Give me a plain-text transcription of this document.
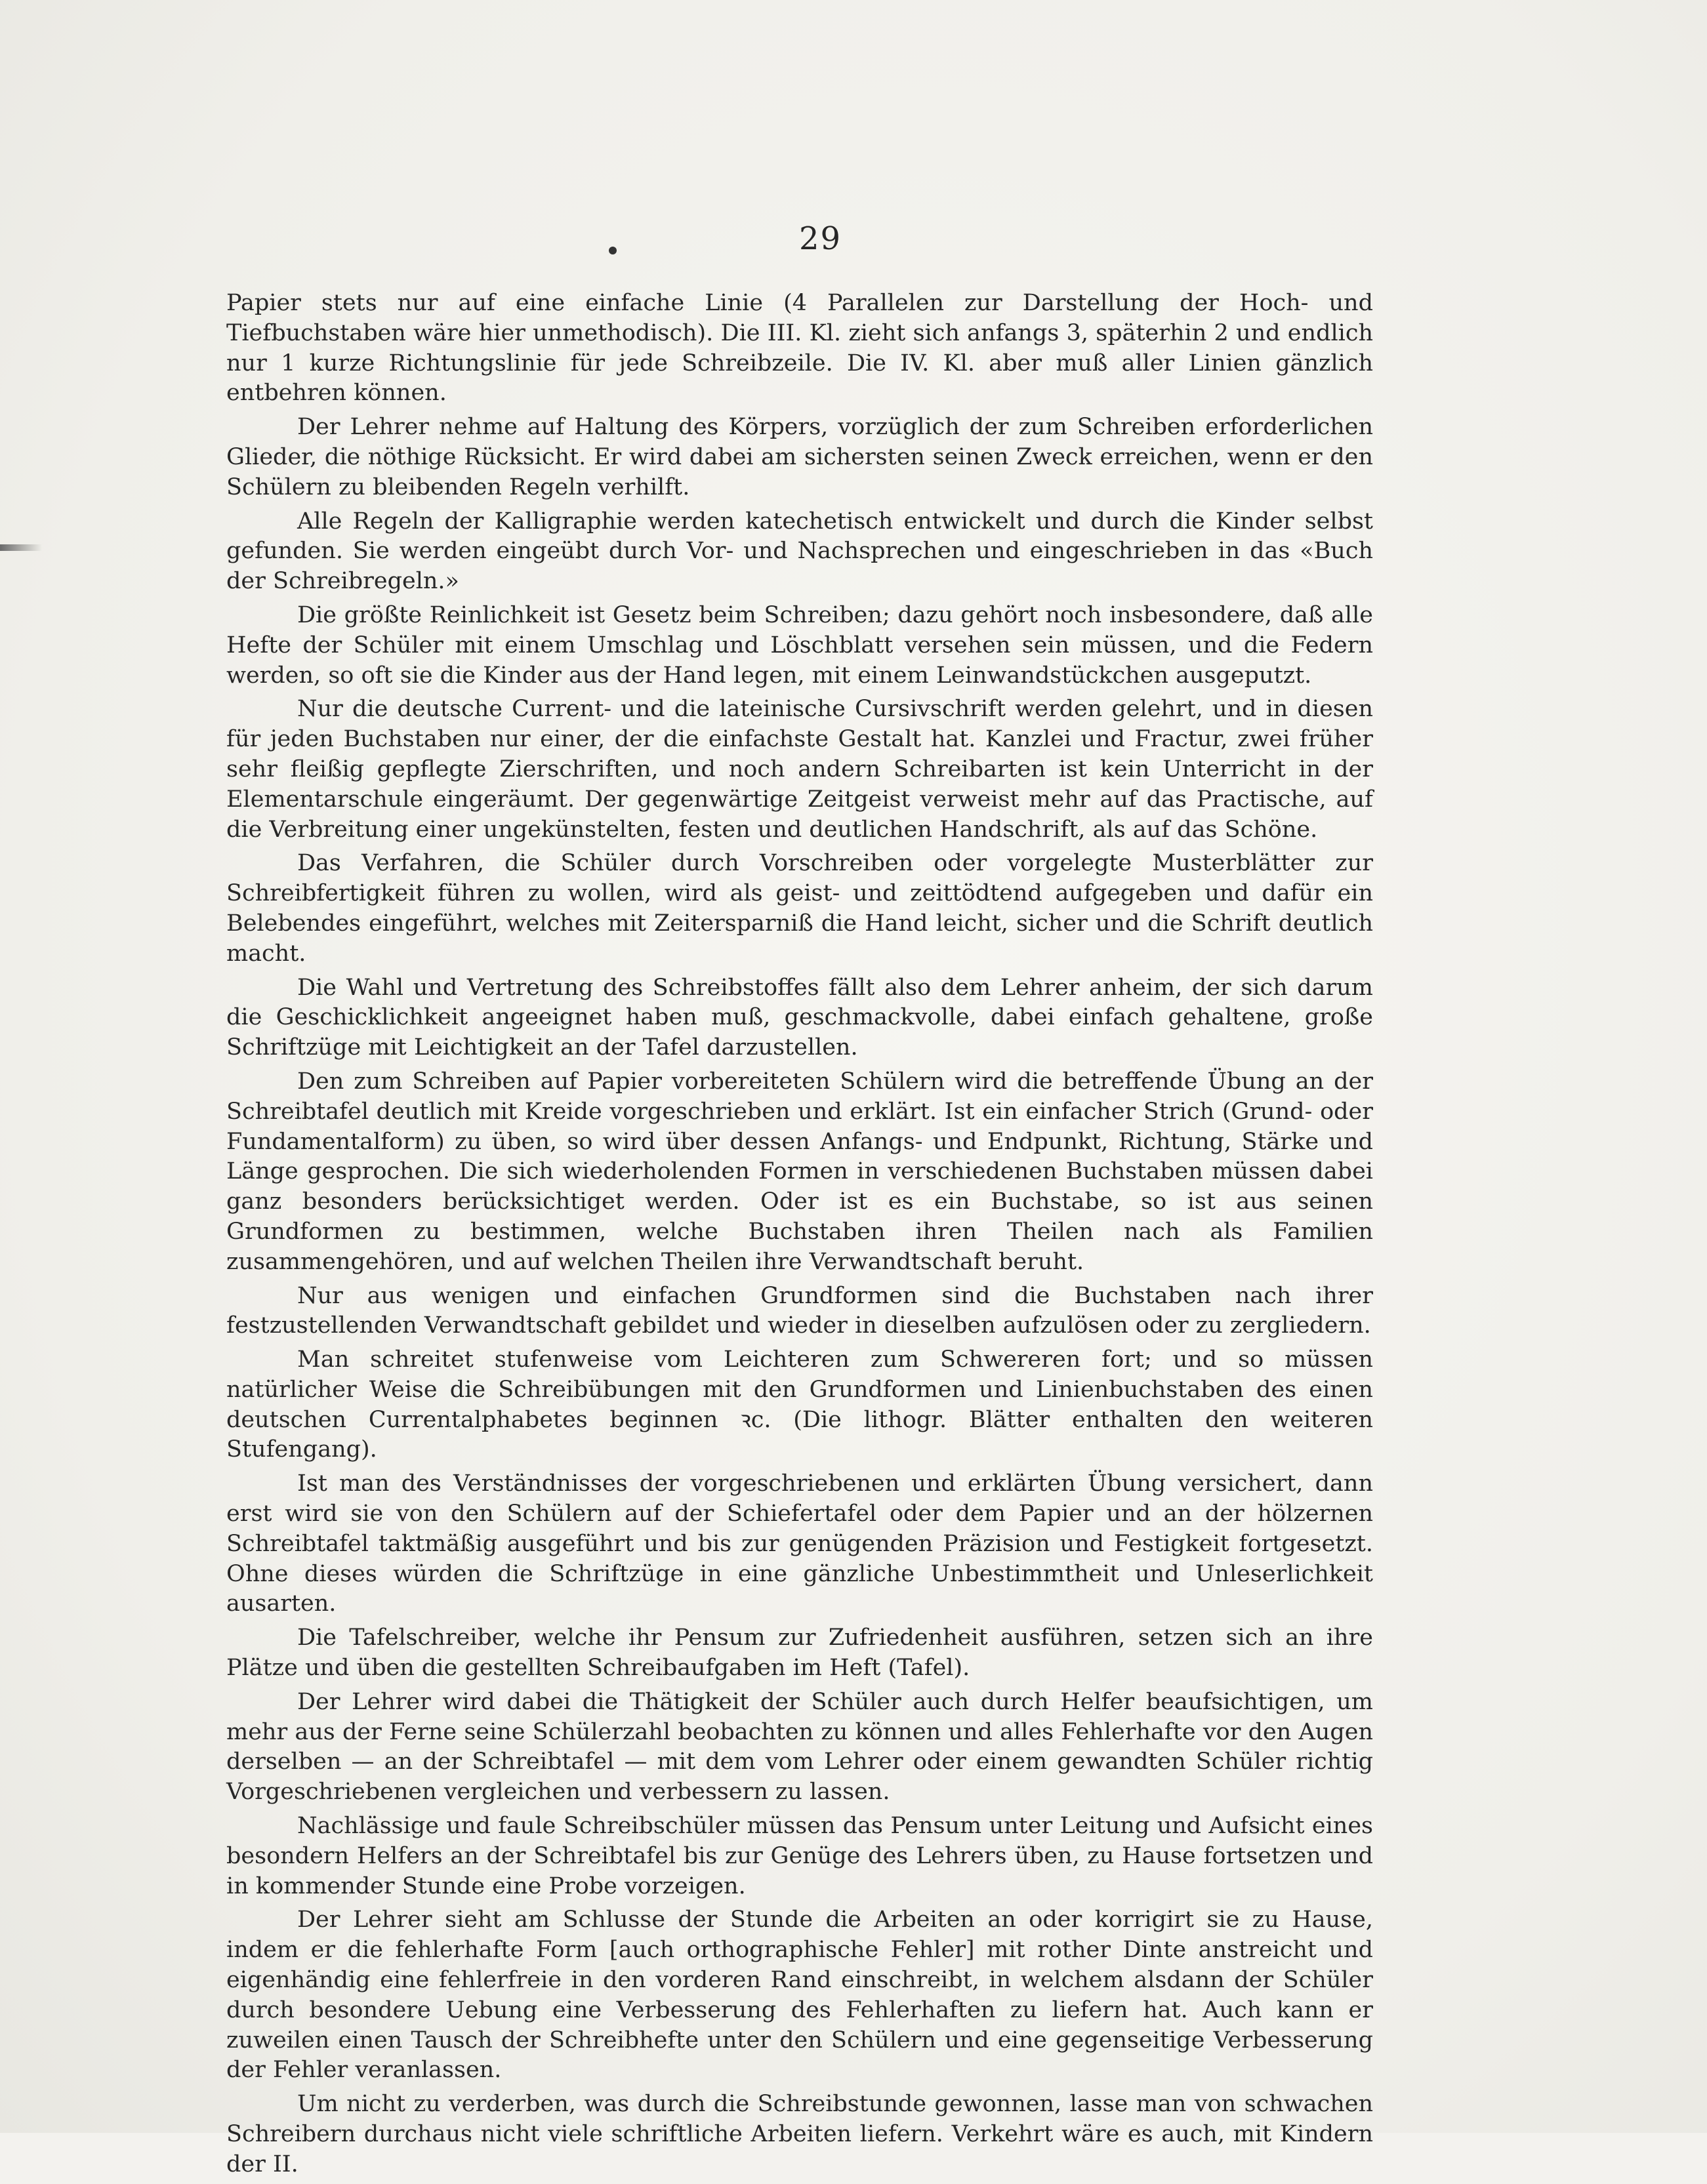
29

Papier stets nur auf eine einfache Linie (4 Parallelen zur Darstellung der Hoch- und Tiefbuchstaben wäre hier unmethodisch). Die III. Kl. zieht sich anfangs 3, späterhin 2 und endlich nur 1 kurze Richtungslinie für jede Schreibzeile. Die IV. Kl. aber muß aller Linien gänzlich entbehren können.

Der Lehrer nehme auf Haltung des Körpers, vorzüglich der zum Schreiben erforderlichen Glieder, die nöthige Rücksicht. Er wird dabei am sichersten seinen Zweck erreichen, wenn er den Schülern zu bleibenden Regeln verhilft.

Alle Regeln der Kalligraphie werden katechetisch entwickelt und durch die Kinder selbst gefunden. Sie werden eingeübt durch Vor- und Nachsprechen und eingeschrieben in das «Buch der Schreibregeln.»

Die größte Reinlichkeit ist Gesetz beim Schreiben; dazu gehört noch insbesondere, daß alle Hefte der Schüler mit einem Umschlag und Löschblatt versehen sein müssen, und die Federn werden, so oft sie die Kinder aus der Hand legen, mit einem Leinwandstückchen ausgeputzt.

Nur die deutsche Current- und die lateinische Cursivschrift werden gelehrt, und in diesen für jeden Buchstaben nur einer, der die einfachste Gestalt hat. Kanzlei und Fractur, zwei früher sehr fleißig gepflegte Zierschriften, und noch andern Schreibarten ist kein Unterricht in der Elementarschule eingeräumt. Der gegenwärtige Zeitgeist verweist mehr auf das Practische, auf die Verbreitung einer ungekünstelten, festen und deutlichen Handschrift, als auf das Schöne.

Das Verfahren, die Schüler durch Vorschreiben oder vorgelegte Musterblätter zur Schreibfertigkeit führen zu wollen, wird als geist- und zeittödtend aufgegeben und dafür ein Belebendes eingeführt, welches mit Zeitersparniß die Hand leicht, sicher und die Schrift deutlich macht.

Die Wahl und Vertretung des Schreibstoffes fällt also dem Lehrer anheim, der sich darum die Geschicklichkeit angeeignet haben muß, geschmackvolle, dabei einfach gehaltene, große Schriftzüge mit Leichtigkeit an der Tafel darzustellen.

Den zum Schreiben auf Papier vorbereiteten Schülern wird die betreffende Übung an der Schreibtafel deutlich mit Kreide vorgeschrieben und erklärt. Ist ein einfacher Strich (Grund- oder Fundamentalform) zu üben, so wird über dessen Anfangs- und Endpunkt, Richtung, Stärke und Länge gesprochen. Die sich wiederholenden Formen in verschiedenen Buchstaben müssen dabei ganz besonders berücksichtiget werden. Oder ist es ein Buchstabe, so ist aus seinen Grundformen zu bestimmen, welche Buchstaben ihren Theilen nach als Familien zusammengehören, und auf welchen Theilen ihre Verwandtschaft beruht.

Nur aus wenigen und einfachen Grundformen sind die Buchstaben nach ihrer festzustellenden Verwandtschaft gebildet und wieder in dieselben aufzulösen oder zu zergliedern.

Man schreitet stufenweise vom Leichteren zum Schwereren fort; und so müssen natürlicher Weise die Schreibübungen mit den Grundformen und Linienbuchstaben des einen deutschen Currentalphabetes beginnen ꝛc. (Die lithogr. Blätter enthalten den weiteren Stufengang).

Ist man des Verständnisses der vorgeschriebenen und erklärten Übung versichert, dann erst wird sie von den Schülern auf der Schiefertafel oder dem Papier und an der hölzernen Schreibtafel taktmäßig ausgeführt und bis zur genügenden Präzision und Festigkeit fortgesetzt. Ohne dieses würden die Schriftzüge in eine gänzliche Unbestimmtheit und Unleserlichkeit ausarten.

Die Tafelschreiber, welche ihr Pensum zur Zufriedenheit ausführen, setzen sich an ihre Plätze und üben die gestellten Schreibaufgaben im Heft (Tafel).

Der Lehrer wird dabei die Thätigkeit der Schüler auch durch Helfer beaufsichtigen, um mehr aus der Ferne seine Schülerzahl beobachten zu können und alles Fehlerhafte vor den Augen derselben — an der Schreibtafel — mit dem vom Lehrer oder einem gewandten Schüler richtig Vorgeschriebenen vergleichen und verbessern zu lassen.

Nachlässige und faule Schreibschüler müssen das Pensum unter Leitung und Aufsicht eines besondern Helfers an der Schreibtafel bis zur Genüge des Lehrers üben, zu Hause fortsetzen und in kommender Stunde eine Probe vorzeigen.

Der Lehrer sieht am Schlusse der Stunde die Arbeiten an oder korrigirt sie zu Hause, indem er die fehlerhafte Form [auch orthographische Fehler] mit rother Dinte anstreicht und eigenhändig eine fehlerfreie in den vorderen Rand einschreibt, in welchem alsdann der Schüler durch besondere Uebung eine Verbesserung des Fehlerhaften zu liefern hat. Auch kann er zuweilen einen Tausch der Schreibhefte unter den Schülern und eine gegenseitige Verbesserung der Fehler veranlassen.

Um nicht zu verderben, was durch die Schreibstunde gewonnen, lasse man von schwachen Schreibern durchaus nicht viele schriftliche Arbeiten liefern. Verkehrt wäre es auch, mit Kindern der II.
